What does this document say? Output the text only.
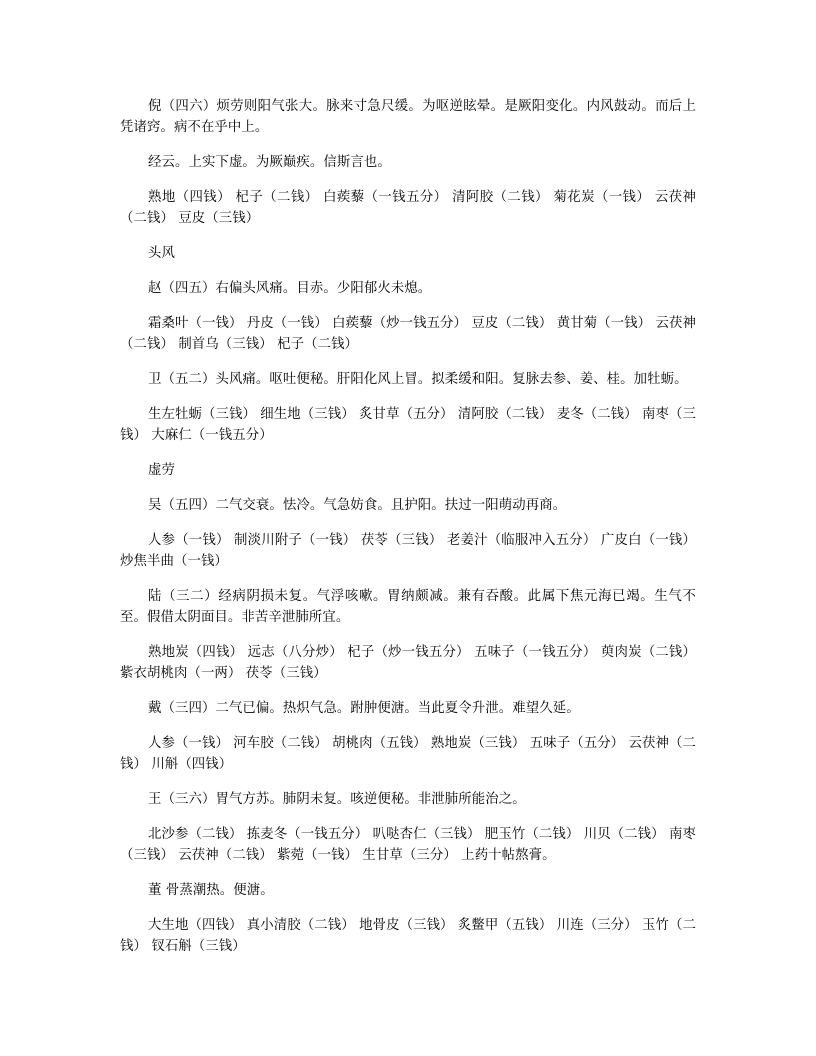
倪（四六）烦劳则阳气张大。脉来寸急尺缓。为呕逆眩晕。是厥阳变化。内风鼓动。而后上凭诸窍。病不在乎中上。

经云。上实下虚。为厥巅疾。信斯言也。

熟地（四钱） 杞子（二钱） 白蒺藜（一钱五分） 清阿胶（二钱） 菊花炭（一钱） 云茯神（二钱） 豆皮（三钱）

头风

赵（四五）右偏头风痛。目赤。少阳郁火未熄。

霜桑叶（一钱） 丹皮（一钱） 白蒺藜（炒一钱五分） 豆皮（二钱） 黄甘菊（一钱） 云茯神（二钱） 制首乌（三钱） 杞子（二钱）

卫（五二）头风痛。呕吐便秘。肝阳化风上冒。拟柔缓和阳。复脉去参、姜、桂。加牡蛎。

生左牡蛎（三钱） 细生地（三钱） 炙甘草（五分） 清阿胶（二钱） 麦冬（二钱） 南枣（三钱） 大麻仁（一钱五分）

虚劳

吴（五四）二气交衰。怯冷。气急妨食。且护阳。扶过一阳萌动再商。

人参（一钱） 制淡川附子（一钱） 茯苓（三钱） 老姜汁（临服冲入五分） 广皮白（一钱） 炒焦半曲（一钱）

陆（三二）经病阴损未复。气浮咳嗽。胃纳颇减。兼有吞酸。此属下焦元海已竭。生气不至。假借太阴面目。非苦辛泄肺所宜。

熟地炭（四钱） 远志（八分炒） 杞子（炒一钱五分） 五味子（一钱五分） 萸肉炭（二钱） 紫衣胡桃肉（一两） 茯苓（三钱）

戴（三四）二气已偏。热炽气急。跗肿便溏。当此夏令升泄。难望久延。

人参（一钱） 河车胶（二钱） 胡桃肉（五钱） 熟地炭（三钱） 五味子（五分） 云茯神（二钱） 川斛（四钱）

王（三六）胃气方苏。肺阴未复。咳逆便秘。非泄肺所能治之。

北沙参（二钱） 拣麦冬（一钱五分） 叭哒杏仁（三钱） 肥玉竹（二钱） 川贝（二钱） 南枣（三钱） 云茯神（二钱） 紫菀（一钱） 生甘草（三分） 上药十帖熬膏。

董 骨蒸潮热。便溏。

大生地（四钱） 真小清胶（二钱） 地骨皮（三钱） 炙鳖甲（五钱） 川连（三分） 玉竹（二钱） 钗石斛（三钱）
